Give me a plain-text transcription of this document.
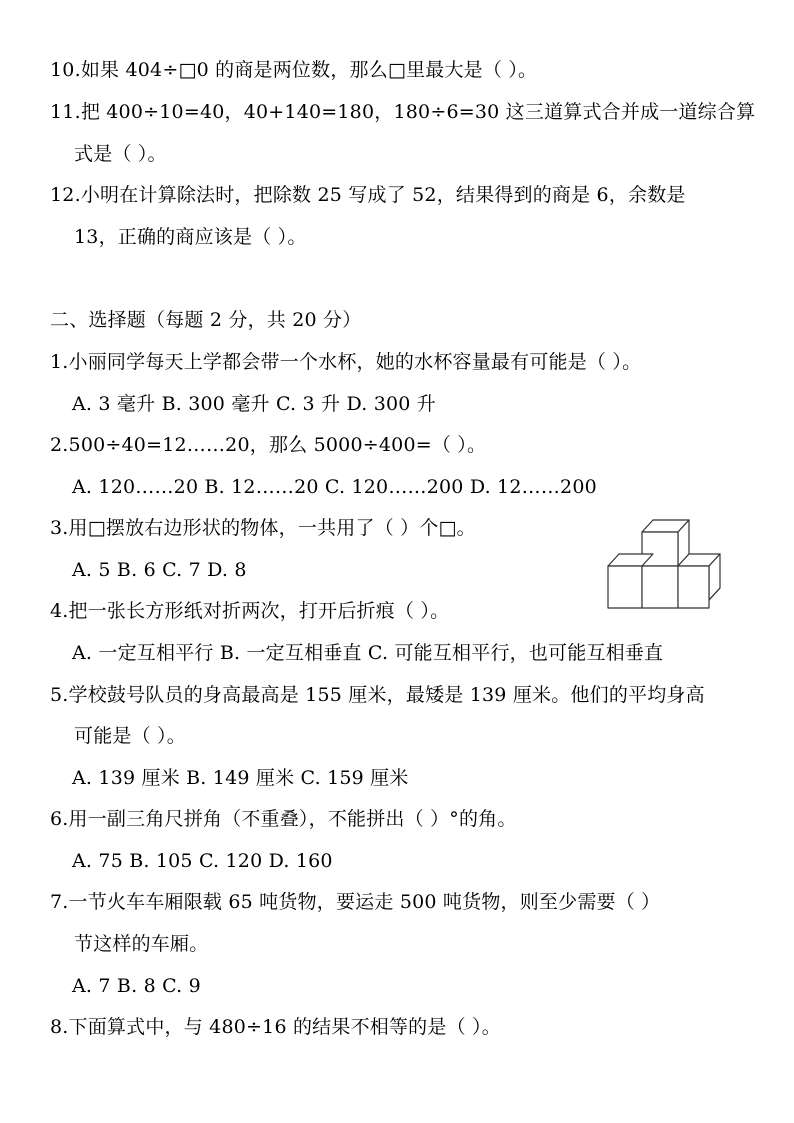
10.如果 404÷□0 的商是两位数，那么□里最大是（ ）。
11.把 400÷10=40，40+140=180，180÷6=30 这三道算式合并成一道综合算
式是（ ）。
12.小明在计算除法时，把除数 25 写成了 52，结果得到的商是 6，余数是
13，正确的商应该是（ ）。
二、选择题（每题 2 分，共 20 分）
1.小丽同学每天上学都会带一个水杯，她的水杯容量最有可能是（ ）。
A. 3 毫升 B. 300 毫升 C. 3 升 D. 300 升
2.500÷40=12……20，那么 5000÷400=（ ）。
A. 120……20 B. 12……20 C. 120……200 D. 12……200
3.用□摆放右边形状的物体，一共用了（ ）个□。
A. 5 B. 6 C. 7 D. 8
4.把一张长方形纸对折两次，打开后折痕（ ）。
A. 一定互相平行 B. 一定互相垂直 C. 可能互相平行，也可能互相垂直
5.学校鼓号队员的身高最高是 155 厘米，最矮是 139 厘米。他们的平均身高
可能是（ ）。
A. 139 厘米 B. 149 厘米 C. 159 厘米
6.用一副三角尺拼角（不重叠），不能拼出（ ）°的角。
A. 75 B. 105 C. 120 D. 160
7.一节火车车厢限载 65 吨货物，要运走 500 吨货物，则至少需要（ ）
节这样的车厢。
A. 7 B. 8 C. 9
8.下面算式中，与 480÷16 的结果不相等的是（ ）。
